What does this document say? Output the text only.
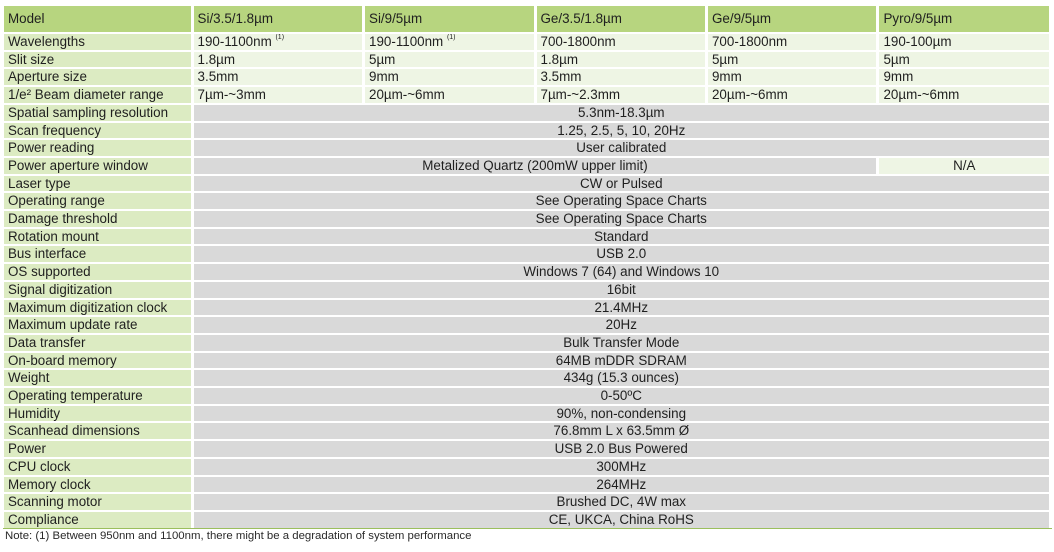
Model	Si/3.5/1.8µm	Si/9/5µm	Ge/3.5/1.8µm	Ge/9/5µm	Pyro/9/5µm
Wavelengths	190-1100nm $^{(1)}$	190-1100nm $^{(1)}$	700-1800nm	700-1800nm	190-100µm
Slit size	1.8µm	5µm	1.8µm	5µm	5µm
Aperture size	3.5mm	9mm	3.5mm	9mm	9mm
1/e² Beam diameter range	7µm-~3mm	20µm-~6mm	7µm-~2.3mm	20µm-~6mm	20µm-~6mm
Spatial sampling resolution	5.3nm-18.3µm				
Scan frequency	1.25, 2.5, 5, 10, 20Hz				
Power reading	User calibrated				
Power aperture window	Metalized Quartz (200mW upper limit)				N/A
Laser type	CW or Pulsed				
Operating range	See Operating Space Charts				
Damage threshold	See Operating Space Charts				
Rotation mount	Standard				
Bus interface	USB 2.0				
OS supported	Windows 7 (64) and Windows 10				
Signal digitization	16bit				
Maximum digitization clock	21.4MHz				
Maximum update rate	20Hz				
Data transfer	Bulk Transfer Mode				
On-board memory	64MB mDDR SDRAM				
Weight	434g (15.3 ounces)				
Operating temperature	0-50ºC				
Humidity	90%, non-condensing				
Scanhead dimensions	76.8mm L x 63.5mm Ø				
Power	USB 2.0 Bus Powered				
CPU clock	300MHz				
Memory clock	264MHz				
Scanning motor	Brushed DC, 4W max				
Compliance	CE, UKCA, China RoHS				
Note: (1) Between 950nm and 1100nm, there might be a degradation of system performance
